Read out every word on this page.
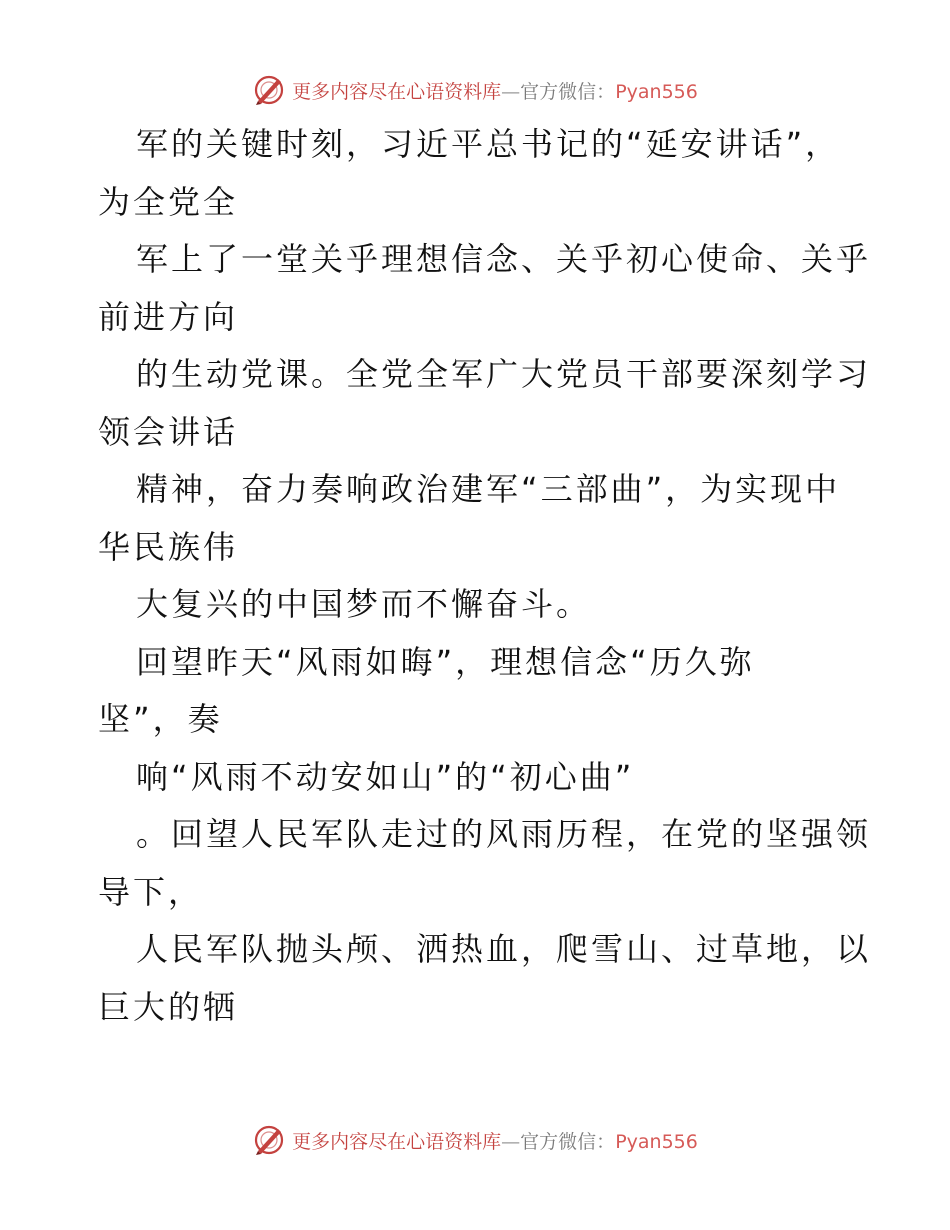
更多内容尽在心语资料库—官方微信：Pyan556
军的关键时刻，习近平总书记的“延安讲话”，
为全党全
军上了一堂关乎理想信念、关乎初心使命、关乎
前进方向
的生动党课。全党全军广大党员干部要深刻学习
领会讲话
精神，奋力奏响政治建军“三部曲”，为实现中
华民族伟
大复兴的中国梦而不懈奋斗。
回望昨天“风雨如晦”，理想信念“历久弥
坚”，奏
响“风雨不动安如山”的“初心曲”
。回望人民军队走过的风雨历程，在党的坚强领
导下，
人民军队抛头颅、洒热血，爬雪山、过草地，以
巨大的牺
更多内容尽在心语资料库—官方微信：Pyan556
